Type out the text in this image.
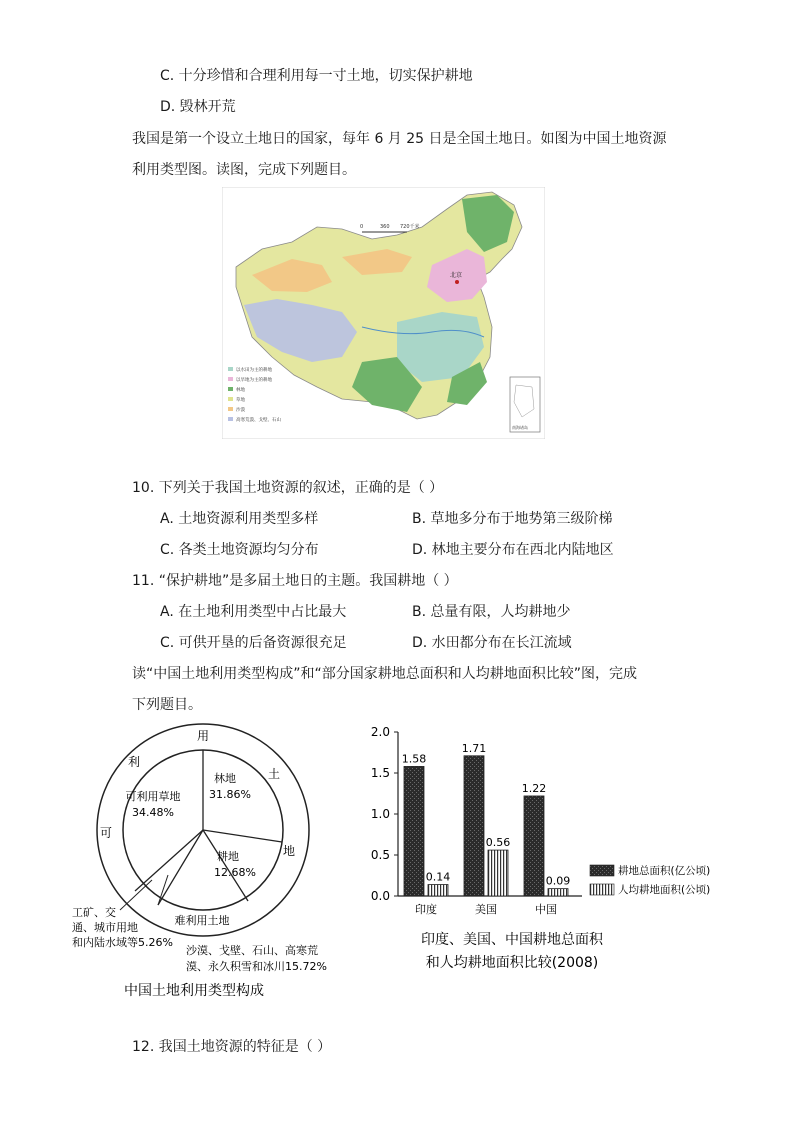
C. 十分珍惜和合理利用每一寸土地，切实保护耕地
D. 毁林开荒
我国是第一个设立土地日的国家，每年 6 月 25 日是全国土地日。如图为中国土地资源
利用类型图。读图，完成下列题目。
北京
0	360 720千米
以水田为主的耕地
以旱地为主的耕地
林地
草地
沙漠
高寒荒漠、戈壁、石山
南海诸岛
10. 下列关于我国土地资源的叙述，正确的是（ ）
A. 土地资源利用类型多样	B. 草地多分布于地势第三级阶梯
C. 各类土地资源均匀分布	D. 林地主要分布在西北内陆地区
11. “保护耕地”是多届土地日的主题。我国耕地（ ）
A. 在土地利用类型中占比最大	B. 总量有限，人均耕地少
C. 可供开垦的后备资源很充足	D. 水田都分布在长江流域
读“中国土地利用类型构成”和“部分国家耕地总面积和人均耕地面积比较”图，完成
下列题目。
用
土
地
利
可
难利用土地
可利用草地
34.48%
林地
31.86%
耕地
12.68%
工矿、交
通、城市用地
和内陆水域等5.26%
沙漠、戈壁、石山、高寒荒
漠、永久积雪和冰川15.72%
中国土地利用类型构成
0.0
0.5
1.0
1.5
2.0
1.58
0.14
1.71
0.56
1.22
0.09
印度	美国	中国
耕地总面积(亿公顷)
人均耕地面积(公顷)
印度、美国、中国耕地总面积
和人均耕地面积比较(2008)
12. 我国土地资源的特征是（ ）
